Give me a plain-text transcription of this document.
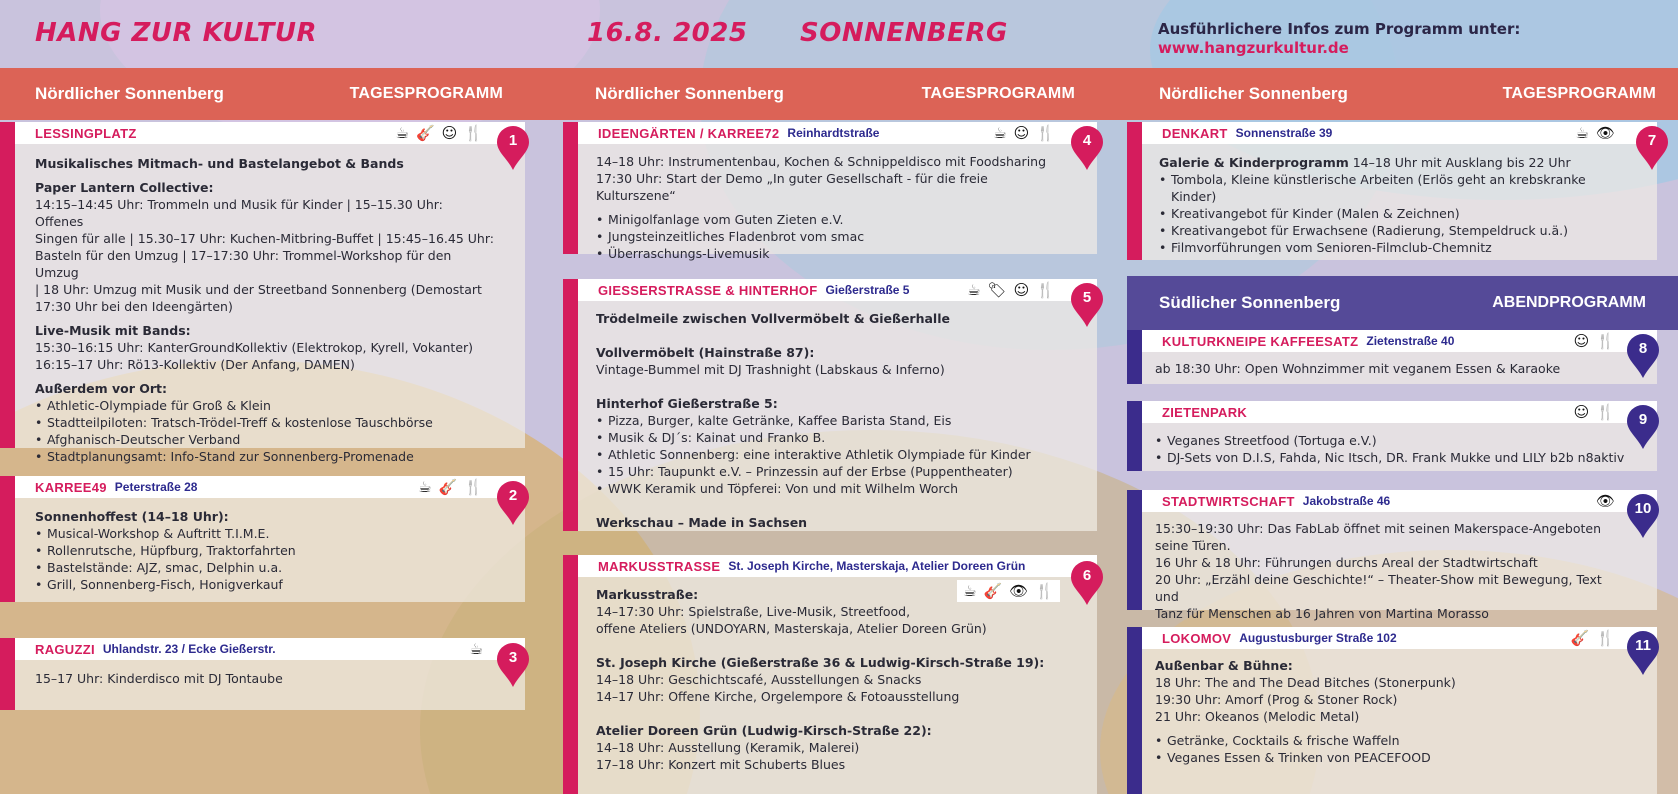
HANG ZUR KULTUR	16.8. 2025 SONNENBERG	Ausführlichere Infos zum Programm unter:
www.hangzurkultur.de
Nördlicher Sonnenberg	TAGESPROGRAMM	Nördlicher Sonnenberg	TAGESPROGRAMM	Nördlicher Sonnenberg	TAGESPROGRAMM
LESSINGPLATZ	☕ 🎸 ☺ 🍴
Musikalisches Mitmach- und Bastelangebot & Bands
Paper Lantern Collective:
14:15–14:45 Uhr: Trommeln und Musik für Kinder | 15–15.30 Uhr: Offenes
Singen für alle | 15.30–17 Uhr: Kuchen-Mitbring-Buffet | 15:45–16.45 Uhr:
Basteln für den Umzug | 17–17:30 Uhr: Trommel-Workshop für den Umzug
| 18 Uhr: Umzug mit Musik und der Streetband Sonnenberg (Demostart
17:30 Uhr bei den Ideengärten)
Live-Musik mit Bands:
15:30–16:15 Uhr: KanterGroundKollektiv (Elektrokop, Kyrell, Vokanter)
16:15–17 Uhr: Rö13-Kollektiv (Der Anfang, DAMEN)
Außerdem vor Ort:
• Athletic-Olympiade für Groß & Klein
• Stadtteilpiloten: Tratsch-Trödel-Treff & kostenlose Tauschbörse
• Afghanisch-Deutscher Verband
• Stadtplanungsamt: Info-Stand zur Sonnenberg-Promenade
1
KARREE49 Peterstraße 28	☕ 🎸 🍴
Sonnenhoffest (14–18 Uhr):
• Musical-Workshop & Auftritt T.I.M.E.
• Rollenrutsche, Hüpfburg, Traktorfahrten
• Bastelstände: AJZ, smac, Delphin u.a.
• Grill, Sonnenberg-Fisch, Honigverkauf
2
RAGUZZI Uhlandstr. 23 / Ecke Gießerstr.	☕
15–17 Uhr: Kinderdisco mit DJ Tontaube
3
IDEENGÄRTEN / KARREE72 Reinhardtstraße	☕ ☺ 🍴
14–18 Uhr: Instrumentenbau, Kochen & Schnippeldisco mit Foodsharing
17:30 Uhr: Start der Demo „In guter Gesellschaft - für die freie Kulturszene“
• Minigolfanlage vom Guten Zieten e.V.
• Jungsteinzeitliches Fladenbrot vom smac
• Überraschungs-Livemusik
4
GIESSERSTRASSE & HINTERHOF Gießerstraße 5	☕ 🏷 ☺ 🍴
Trödelmeile zwischen Vollvermöbelt & Gießerhalle
Vollvermöbelt (Hainstraße 87):
Vintage-Bummel mit DJ Trashnight (Labskaus & Inferno)
Hinterhof Gießerstraße 5:
• Pizza, Burger, kalte Getränke, Kaffee Barista Stand, Eis
• Musik & DJ´s: Kainat und Franko B.
• Athletic Sonnenberg: eine interaktive Athletik Olympiade für Kinder
• 15 Uhr: Taupunkt e.V. – Prinzessin auf der Erbse (Puppentheater)
• WWK Keramik und Töpferei: Von und mit Wilhelm Worch
Werkschau – Made in Sachsen
5
MARKUSSTRASSE St. Joseph Kirche, Masterskaja, Atelier Doreen Grün
☕ 🎸 👁 🍴
Markusstraße:
14–17:30 Uhr: Spielstraße, Live-Musik, Streetfood,
offene Ateliers (UNDOYARN, Masterskaja, Atelier Doreen Grün)
St. Joseph Kirche (Gießerstraße 36 & Ludwig-Kirsch-Straße 19):
14–18 Uhr: Geschichtscafé, Ausstellungen & Snacks
14–17 Uhr: Offene Kirche, Orgelempore & Fotoausstellung
Atelier Doreen Grün (Ludwig-Kirsch-Straße 22):
14–18 Uhr: Ausstellung (Keramik, Malerei)
17–18 Uhr: Konzert mit Schuberts Blues
6
DENKART Sonnenstraße 39	☕ 👁
Galerie & Kinderprogramm 14–18 Uhr mit Ausklang bis 22 Uhr
• Tombola, Kleine künstlerische Arbeiten (Erlös geht an krebskranke Kinder)
• Kreativangebot für Kinder (Malen & Zeichnen)
• Kreativangebot für Erwachsene (Radierung, Stempeldruck u.ä.)
• Filmvorführungen vom Senioren-Filmclub-Chemnitz
7
Südlicher Sonnenberg	ABENDPROGRAMM
KULTURKNEIPE KAFFEESATZ Zietenstraße 40	☺ 🍴
ab 18:30 Uhr: Open Wohnzimmer mit veganem Essen & Karaoke
8
ZIETENPARK	☺ 🍴
• Veganes Streetfood (Tortuga e.V.)
• DJ-Sets von D.I.S, Fahda, Nic Itsch, DR. Frank Mukke und LILY b2b n8aktiv
9
STADTWIRTSCHAFT Jakobstraße 46	👁
15:30–19:30 Uhr: Das FabLab öffnet mit seinen Makerspace-Angeboten
seine Türen.
16 Uhr & 18 Uhr: Führungen durchs Areal der Stadtwirtschaft
20 Uhr: „Erzähl deine Geschichte!“ – Theater-Show mit Bewegung, Text und
Tanz für Menschen ab 16 Jahren von Martina Morasso
10
LOKOMOV Augustusburger Straße 102	🎸 🍴
Außenbar & Bühne:
18 Uhr: The and The Dead Bitches (Stonerpunk)
19:30 Uhr: Amorf (Prog & Stoner Rock)
21 Uhr: Okeanos (Melodic Metal)
• Getränke, Cocktails & frische Waffeln
• Veganes Essen & Trinken von PEACEFOOD
11
